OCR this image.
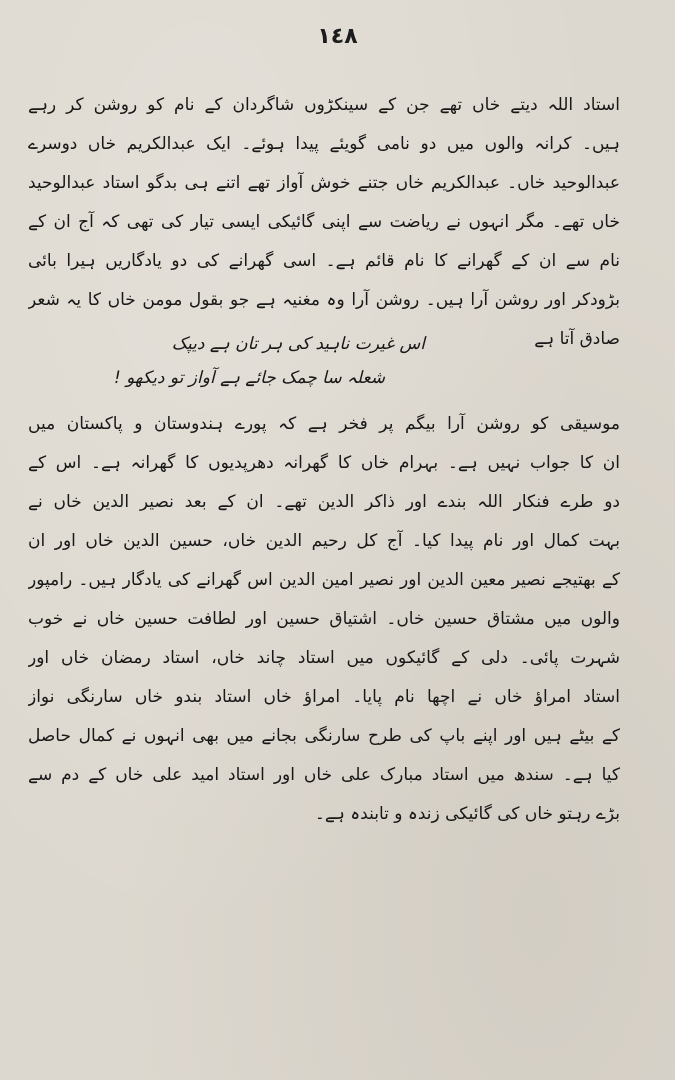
١٤٨
استاد اللہ دیتے خاں تھے جن کے سینکڑوں شاگردان کے نام کو روشن کر رہے
ہیں۔ کرانہ والوں میں دو نامی گویئے پیدا ہوئے۔ ایک عبدالکریم خاں دوسرے
عبدالوحید خاں۔ عبدالکریم خاں جتنے خوش آواز تھے اتنے ہی بدگو استاد عبدالوحید
خاں تھے۔ مگر انہوں نے ریاضت سے اپنی گائیکی ایسی تیار کی تھی کہ آج ان کے
نام سے ان کے گھرانے کا نام قائم ہے۔ اسی گھرانے کی دو یادگاریں ہیرا بائی
بڑودکر اور روشن آرا ہیں۔ روشن آرا وہ مغنیہ ہے جو بقول مومن خاں کا یہ شعر
صادق آتا ہے
اس غیرت ناہید کی ہر تان ہے دیپک
شعلہ سا چمک جائے ہے آواز تو دیکھو !
موسیقی کو روشن آرا بیگم پر فخر ہے کہ پورے ہندوستان و پاکستان میں
ان کا جواب نہیں ہے۔ بہرام خاں کا گھرانہ دھرپدیوں کا گھرانہ ہے۔ اس کے
دو طرے فنکار اللہ بندے اور ذاکر الدین تھے۔ ان کے بعد نصیر الدین خاں نے
بہت کمال اور نام پیدا کیا۔ آج کل رحیم الدین خاں، حسین الدین خاں اور ان
کے بھتیجے نصیر معین الدین اور نصیر امین الدین اس گھرانے کی یادگار ہیں۔ رامپور
والوں میں مشتاق حسین خاں۔ اشتیاق حسین اور لطافت حسین خاں نے خوب
شہرت پائی۔ دلی کے گائیکوں میں استاد چاند خاں، استاد رمضان خاں اور
استاد امراؤ خاں نے اچھا نام پایا۔ امراؤ خاں استاد بندو خاں سارنگی نواز
کے بیٹے ہیں اور اپنے باپ کی طرح سارنگی بجانے میں بھی انہوں نے کمال حاصل
کیا ہے۔ سندھ میں استاد مبارک علی خاں اور استاد امید علی خاں کے دم سے
بڑے رہتو خاں کی گائیکی زندہ و تابندہ ہے۔
